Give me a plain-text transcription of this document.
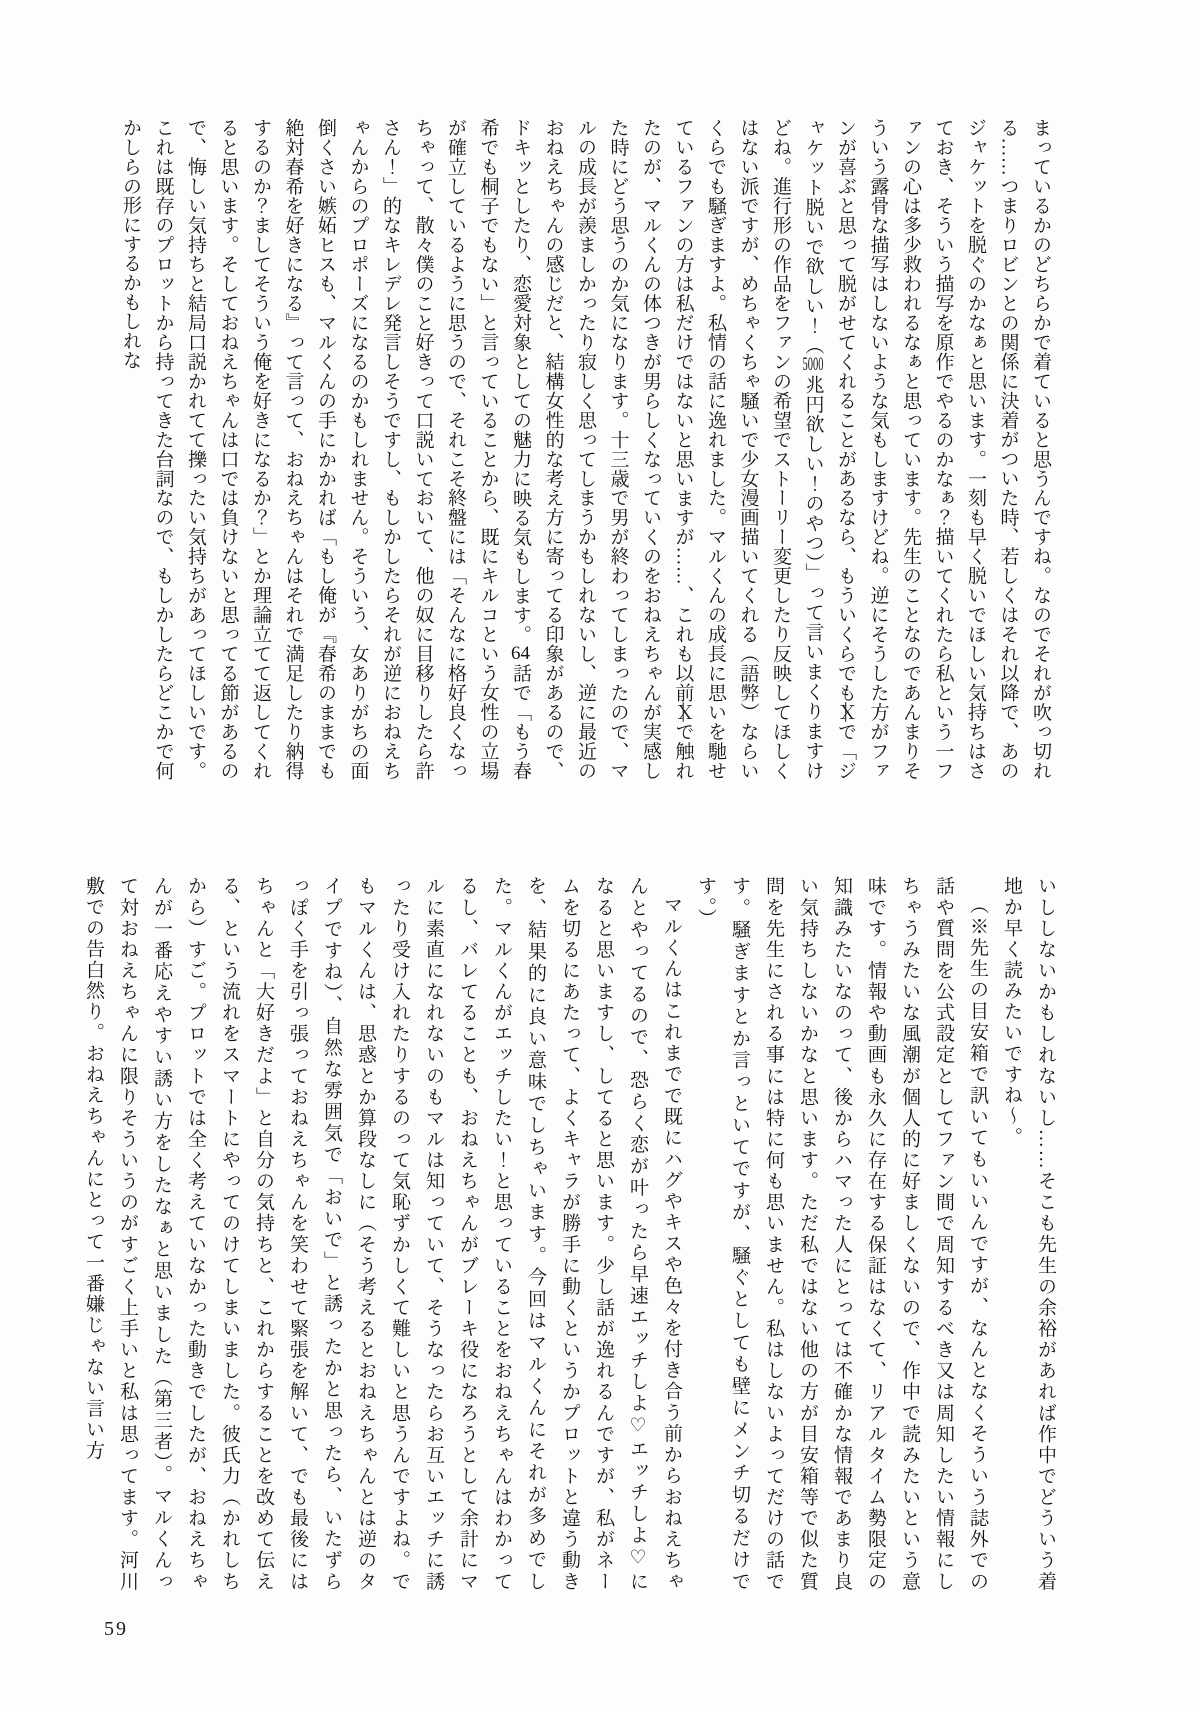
まっているかのどちらかで着ていると思うんですね。なのでそれが吹っ切れる……つまりロビンとの関係に決着がついた時、若しくはそれ以降で、あのジャケットを脱ぐのかなぁと思います。一刻も早く脱いでほしい気持ちはさておき、そういう描写を原作でやるのかなぁ？描いてくれたら私という一ファンの心は多少救われるなぁと思っています。先生のことなのであんまりそういう露骨な描写はしないような気もしますけどね。逆にそうした方がファンが喜ぶと思って脱がせてくれることがあるなら、もういくらでもＸで「ジャケット脱いで欲しい！（5000兆円欲しい！のやつ）」って言いまくりますけどね。進行形の作品をファンの希望でストーリー変更したり反映してほしくはない派ですが、めちゃくちゃ騒いで少女漫画描いてくれる（語弊）ならいくらでも騒ぎますよ。私情の話に逸れました。マルくんの成長に思いを馳せているファンの方は私だけではないと思いますが……、これも以前Ｘで触れたのが、マルくんの体つきが男らしくなっていくのをおねえちゃんが実感した時にどう思うのか気になります。十三歳で男が終わってしまったので、マルの成長が羨ましかったり寂しく思ってしまうかもしれないし、逆に最近のおねえちゃんの感じだと、結構女性的な考え方に寄ってる印象があるので、ドキッとしたり、恋愛対象としての魅力に映る気もします。64話で「もう春希でも桐子でもない」と言っていることから、既にキルコという女性の立場が確立しているように思うので、それこそ終盤には「そんなに格好良くなっちゃって、散々僕のこと好きって口説いておいて、他の奴に目移りしたら許さん！」的なキレデレ発言しそうですし、もしかしたらそれが逆におねえちゃんからのプロポーズになるのかもしれません。そういう、女ありがちの面倒くさい嫉妬ヒスも、マルくんの手にかかれば「もし俺が『春希のままでも絶対春希を好きになる』って言って、おねえちゃんはそれで満足したり納得するのか？ましてそういう俺を好きになるか？」とか理論立てて返してくれると思います。そしておねえちゃんは口では負けないと思ってる節があるので、悔しい気持ちと結局口説かれてて擽ったい気持ちがあってほしいです。これは既存のプロットから持ってきた台詞なので、もしかしたらどこかで何かしらの形にするかもしれな

いししないかもしれないし……そこも先生の余裕があれば作中でどういう着地か早く読みたいですね〜。

（※先生の目安箱で訊いてもいいんですが、なんとなくそういう誌外での話や質問を公式設定としてファン間で周知するべき又は周知したい情報にしちゃうみたいな風潮が個人的に好ましくないので、作中で読みたいという意味です。情報や動画も永久に存在する保証はなくて、リアルタイム勢限定の知識みたいなのって、後からハマった人にとっては不確かな情報であまり良い気持ちしないかなと思います。ただ私ではない他の方が目安箱等で似た質問を先生にされる事には特に何も思いません。私はしないよってだけの話です。騒ぎますとか言っといてですが、騒ぐとしても壁にメンチ切るだけです。）

マルくんはこれまでで既にハグやキスや色々を付き合う前からおねえちゃんとやってるので、恐らく恋が叶ったら早速エッチしよ♡エッチしよ♡になると思いますし、してると思います。少し話が逸れるんですが、私がネームを切るにあたって、よくキャラが勝手に動くというかプロットと違う動きを、結果的に良い意味でしちゃいます。今回はマルくんにそれが多めでした。マルくんがエッチしたい！と思っていることをおねえちゃんはわかってるし、バレてることも、おねえちゃんがブレーキ役になろうとして余計にマルに素直になれないのもマルは知っていて、そうなったらお互いエッチに誘ったり受け入れたりするのって気恥ずかしくて難しいと思うんですよね。でもマルくんは、思惑とか算段なしに（そう考えるとおねえちゃんとは逆のタイプですね）、自然な雰囲気で「おいで」と誘ったかと思ったら、いたずらっぽく手を引っ張っておねえちゃんを笑わせて緊張を解いて、でも最後にはちゃんと「大好きだよ」と自分の気持ちと、これからすることを改めて伝える、という流れをスマートにやってのけてしまいました。彼氏力（かれしちから）すご。プロットでは全く考えていなかった動きでしたが、おねえちゃんが一番応えやすい誘い方をしたなぁと思いました（第三者）。マルくんって対おねえちゃんに限りそういうのがすごく上手いと私は思ってます。河川敷での告白然り。おねえちゃんにとって一番嫌じゃない言い方

59
